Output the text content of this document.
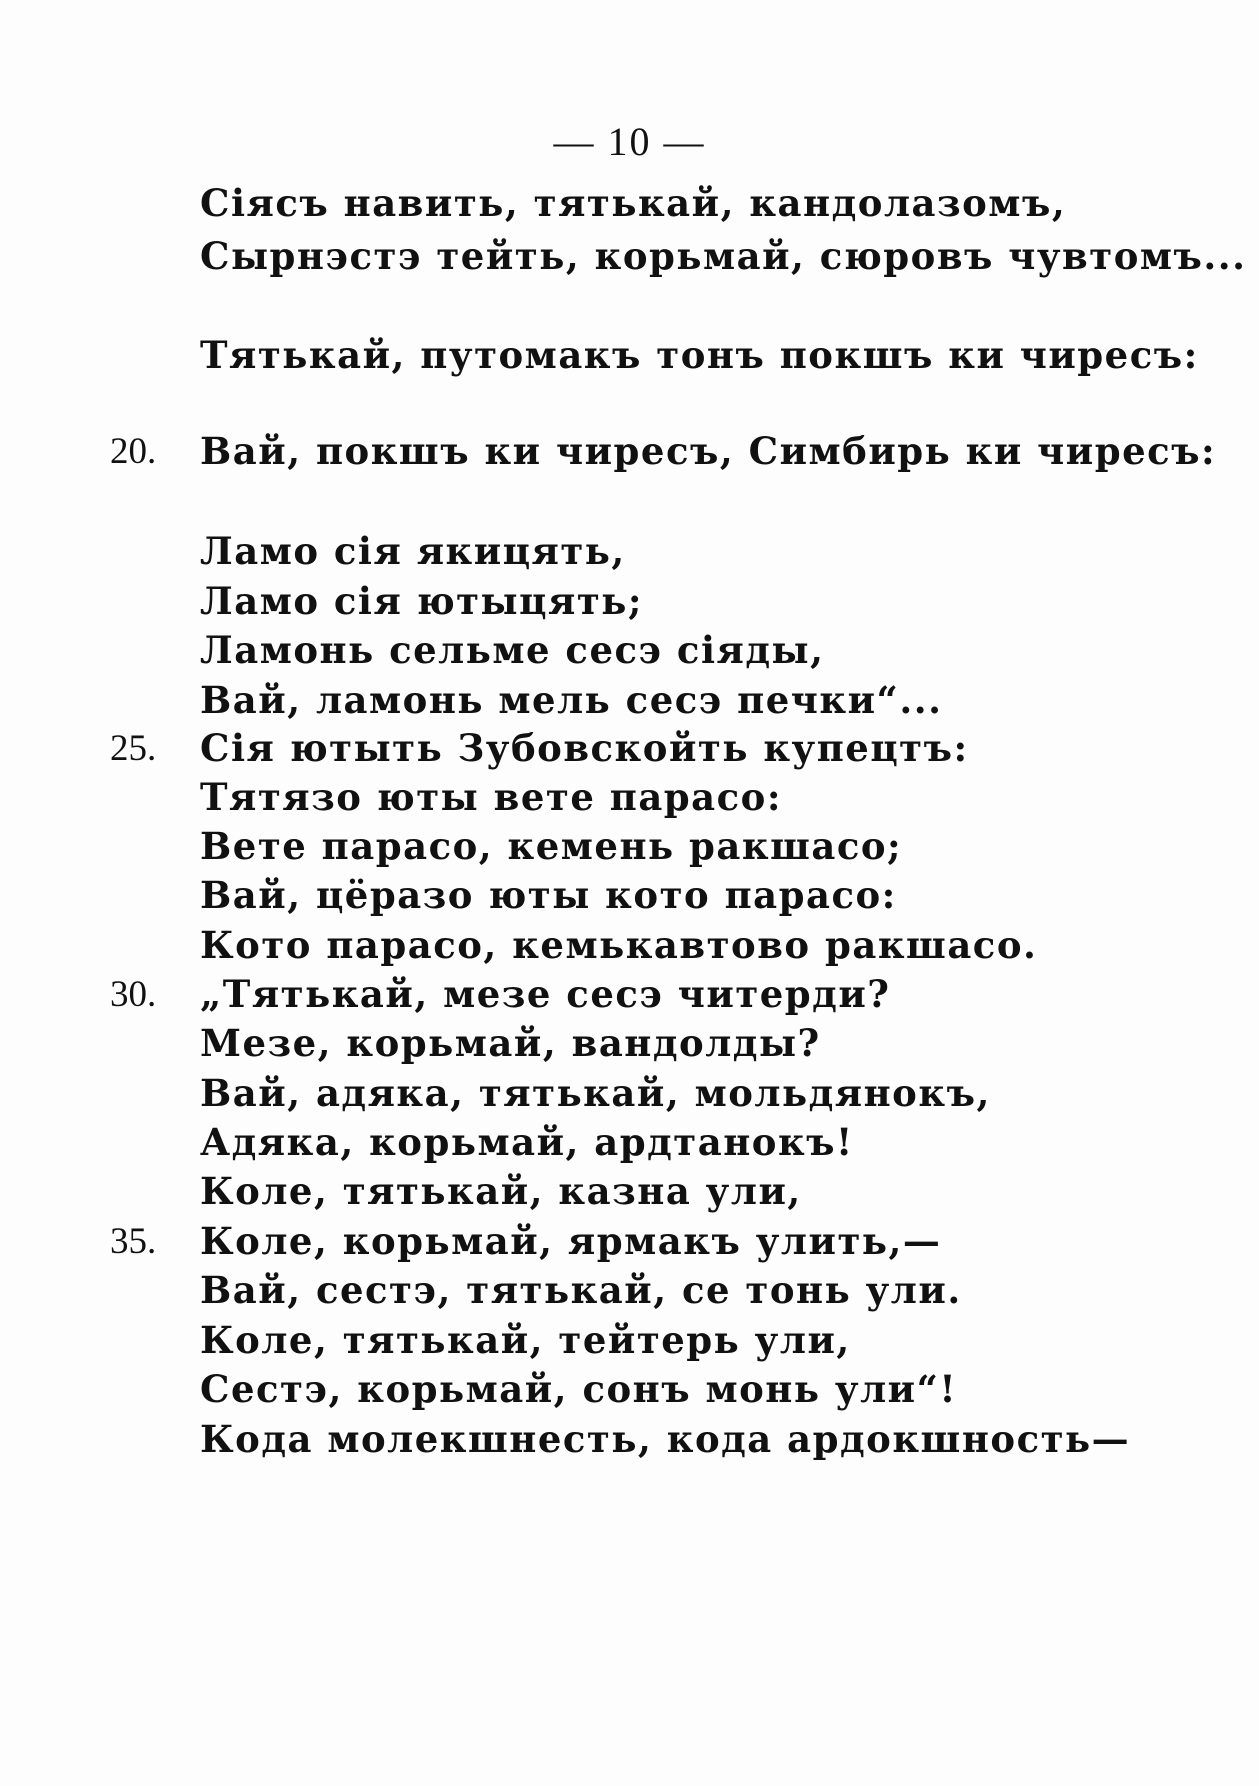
— 10 —
Сіясъ навить, тятькай, кандолазомъ,
Сырнэстэ тейть, корьмай, сюровъ чувтомъ...
Тятькай, путомакъ тонъ покшъ ки чиресъ:
20. Вай, покшъ ки чиресъ, Симбирь ки чиресъ:
Ламо сія якицять,
Ламо сія ютыцять;
Ламонь сельме сесэ сіяды,
Вай, ламонь мель сесэ печки“...
25. Сія ютыть Зубовскойть купецтъ:
Тятязо юты вете парасо:
Вете парасо, кемень ракшасо;
Вай, цёразо юты кото парасо:
Кото парасо, кемькавтово ракшасо.
30. „Тятькай, мезе сесэ читерди?
Мезе, корьмай, вандолды?
Вай, адяка, тятькай, мольдянокъ,
Адяка, корьмай, ардтанокъ!
Коле, тятькай, казна ули,
35. Коле, корьмай, ярмакъ улить,—
Вай, сестэ, тятькай, се тонь ули.
Коле, тятькай, тейтерь ули,
Сестэ, корьмай, сонъ монь ули“!
Кода молекшнесть, кода ардокшность—
